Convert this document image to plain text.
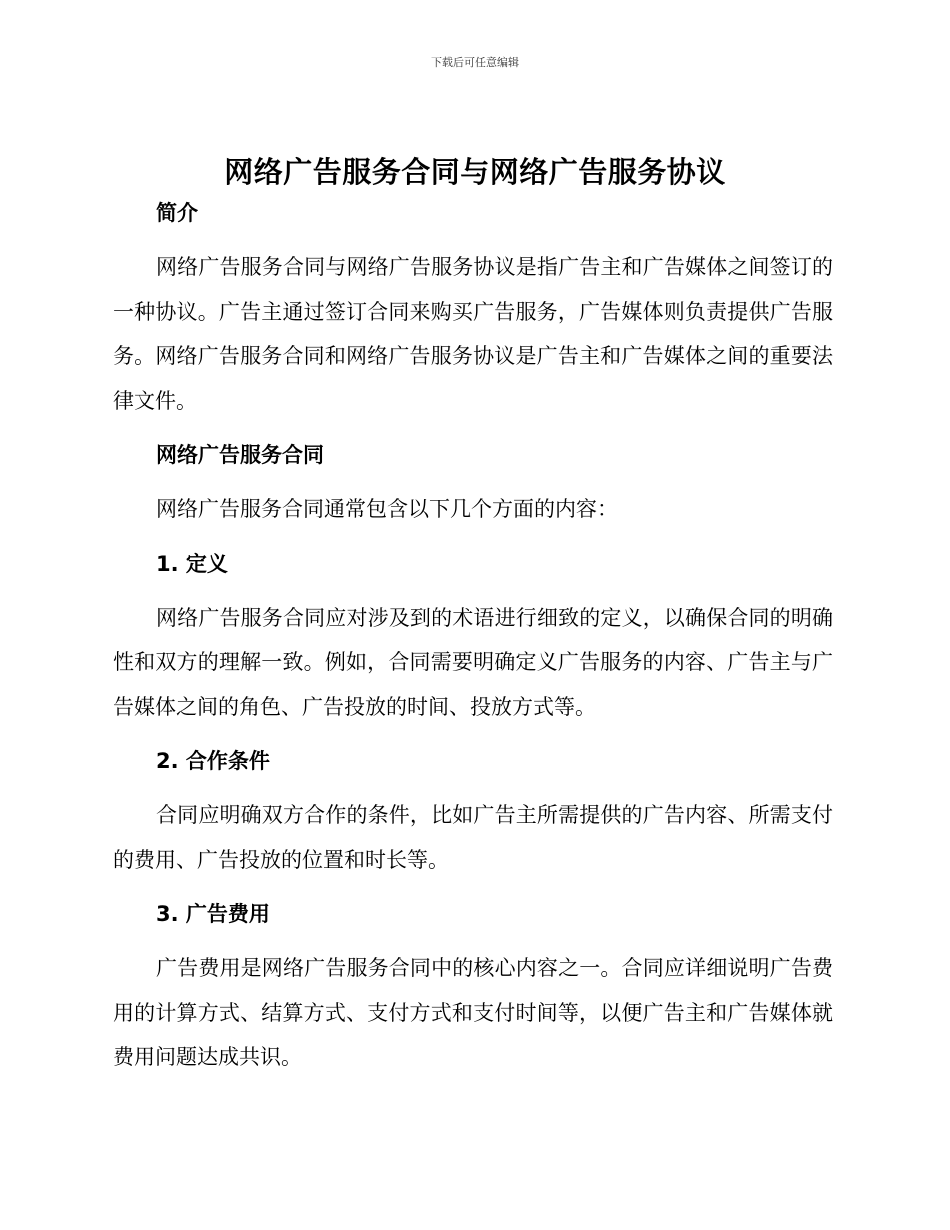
下载后可任意编辑
网络广告服务合同与网络广告服务协议

简介

网络广告服务合同与网络广告服务协议是指广告主和广告媒体之间签订的一种协议。广告主通过签订合同来购买广告服务，广告媒体则负责提供广告服务。网络广告服务合同和网络广告服务协议是广告主和广告媒体之间的重要法律文件。

网络广告服务合同

网络广告服务合同通常包含以下几个方面的内容：

1. 定义

网络广告服务合同应对涉及到的术语进行细致的定义，以确保合同的明确性和双方的理解一致。例如，合同需要明确定义广告服务的内容、广告主与广告媒体之间的角色、广告投放的时间、投放方式等。

2. 合作条件

合同应明确双方合作的条件，比如广告主所需提供的广告内容、所需支付的费用、广告投放的位置和时长等。

3. 广告费用

广告费用是网络广告服务合同中的核心内容之一。合同应详细说明广告费用的计算方式、结算方式、支付方式和支付时间等，以便广告主和广告媒体就费用问题达成共识。
